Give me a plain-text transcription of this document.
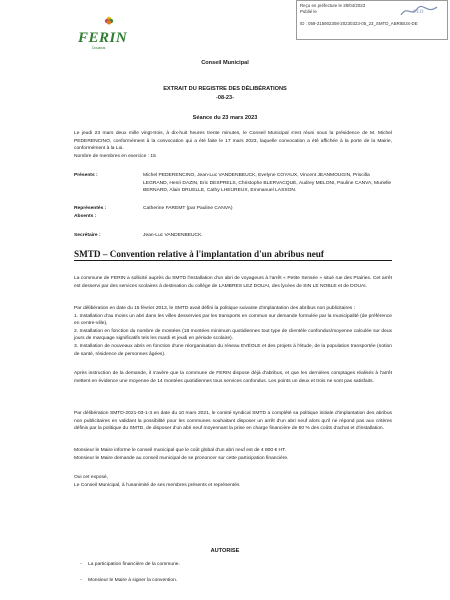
FERIN
Douaisis
Reçu en préfecture le 28/04/2023
Publié le
ID : 059-215902308-20230323-05_23_SMTD_ABRIBUS-DE
S²LO
Conseil Municipal
EXTRAIT DU REGISTRE DES DÉLIBÉRATIONS
-08-23-
Séance du 23 mars 2023
Le jeudi 23 mars deux mille vingt-trois, à dix-huit heures trente minutes, le Conseil Municipal s'est réuni sous la présidence de M. Michel PEDERENCINO, conformément à la convocation qui a été faite le 17 mars 2023, laquelle convocation a été affichée à la porte de la Mairie, conformément à la Loi.
Nombre de membres en exercice : 15
Présents :	Michel PEDERENCINO, Jean-Luc VANDENBEUCK, Evelyne COYAUX, Vincent JEANMOUGIN, Priscilla LEGRAND, Henri DAZIN, Eric DESPRELS, Christophe BLERVACQUE, Audrey MELONI, Pauline CANVA, Murielle BERNARD, Alain DRUELLE, Cathy LHEUREUX, Emmanuel LASSON.
Représentés :	Catherine FAREMT (par Pauline CANVA)
Absents :
Secrétaire :	Jean-Luc VANDENBEUCK.
SMTD – Convention relative à l'implantation d'un abribus neuf
La commune de FERIN a sollicité auprès du SMTD l'installation d'un abri de voyageurs à l'arrêt « Petite Sensée » situé rue des Prairies. Cet arrêt est desservi par des services scolaires à destination du collège de LAMBRES LEZ DOUAI, des lycées de SIN LE NOBLE et de DOUAI.
Par délibération en date du 15 février 2013, le SMTD avait défini la politique suivante d'implantation des abribus non publicitaires :
1. Installation d'au moins un abri dans les villes desservies par les transports en commun sur demande formulée par la municipalité (de préférence en centre-ville),
2. Installation en fonction du nombre de montées (18 montées minimum quotidiennes tout type de clientèle confondus/moyenne calculée sur deux jours de marquage significatifs tels les mardi et jeudi en période scolaire).
3. Installation de nouveaux abris en fonction d'une réorganisation du réseau EVÉOLE et des projets à l'étude, de la population transportée (notion de santé, résidence de personnes âgées).
Après instruction de la demande, il s'avère que la commune de FERIN dispose déjà d'abribus, et que les dernières comptages réalisés à l'arrêt mettent en évidence une moyenne de 14 montées quotidiennes tous services confondus. Les points un deux et trois ne sont pas satisfaits.
Par délibération SMTD-2021-03-1-3 en date du 10 mars 2021, le comité syndical SMTD a complété sa politique initiale d'implantation des abribus non publicitaires en validant la possibilité pour les communes souhaitant disposer un arrêt d'un abri neuf alors qu'il ne répond pas aux critères définis par la politique du SMTD, de disposer d'un abri neuf moyennant la prise en charge financière de 50 % des coûts d'achat et d'installation.
Monsieur le Maire informe le conseil municipal que le coût global d'un abri neuf est de 4 800 € HT.
Monsieur le Maire demande au conseil municipal de se prononcer sur cette participation financière.
Oui cet exposé,
Le Conseil Municipal, à l'unanimité de ses membres présents et représentés
AUTORISE
- La participation financière de la commune.
- Monsieur le Maire à signer la convention.
